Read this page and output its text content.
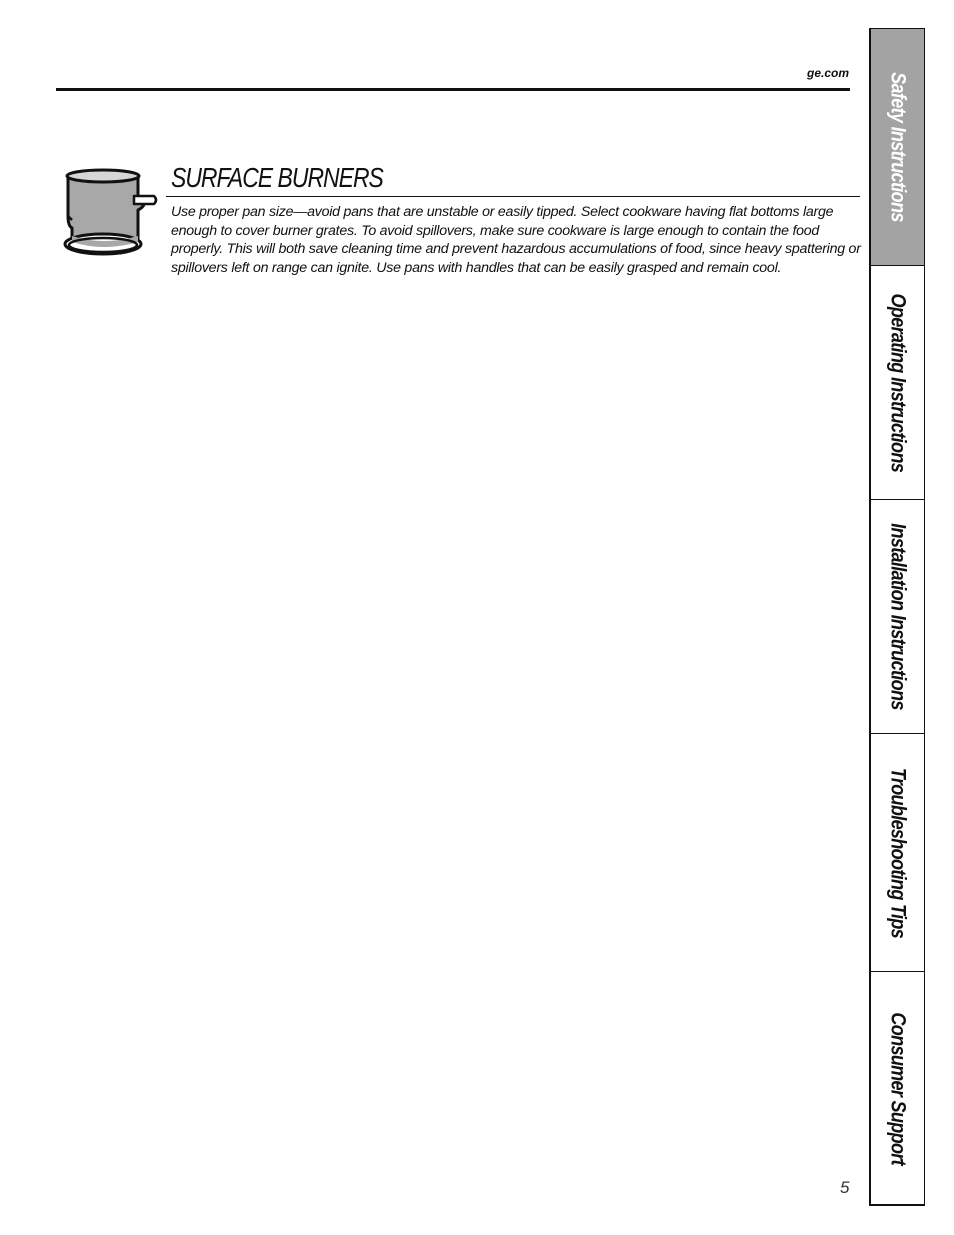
ge.com
SURFACE BURNERS

Use proper pan size—avoid pans that are unstable or easily tipped. Select cookware having flat bottoms large enough to cover burner grates. To avoid spillovers, make sure cookware is large enough to contain the food properly. This will both save cleaning time and prevent hazardous accumulations of food, since heavy spattering or spillovers left on range can ignite. Use pans with handles that can be easily grasped and remain cool.

Safety Instructions
Operating Instructions
Installation Instructions
Troubleshooting Tips
Consumer Support
5
